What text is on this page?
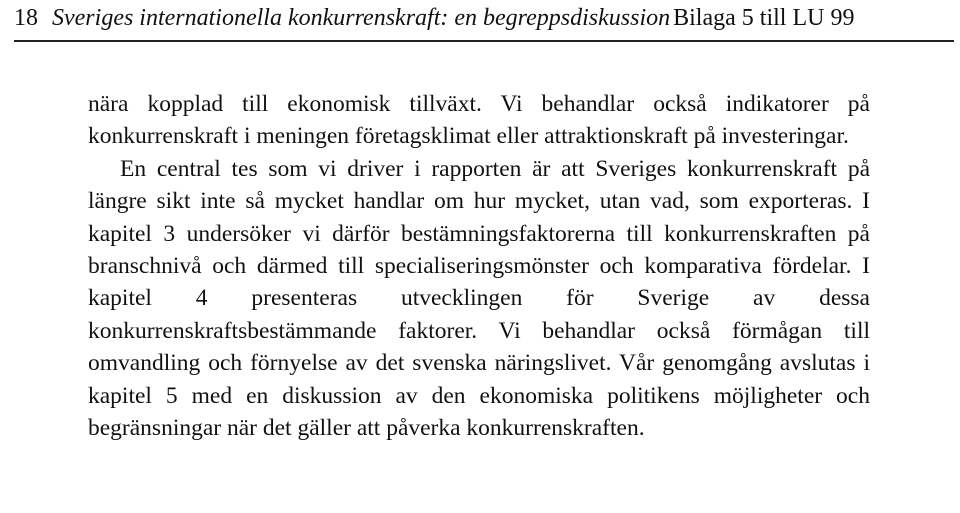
18 Sveriges internationella konkurrenskraft: en begreppsdiskussion Bilaga 5 till LU 99

nära kopplad till ekonomisk tillväxt. Vi behandlar också indikatorer på konkurrenskraft i meningen företagsklimat eller attraktionskraft på investeringar.

En central tes som vi driver i rapporten är att Sveriges konkurrenskraft på längre sikt inte så mycket handlar om hur mycket, utan vad, som exporteras. I kapitel 3 undersöker vi därför bestämningsfaktorerna till konkurrenskraften på branschnivå och därmed till specialiseringsmönster och komparativa fördelar. I kapitel 4 presenteras utvecklingen för Sverige av dessa konkurrenskraftsbestämmande faktorer. Vi behandlar också förmågan till omvandling och förnyelse av det svenska näringslivet. Vår genomgång avslutas i kapitel 5 med en diskussion av den ekonomiska politikens möjligheter och begränsningar när det gäller att påverka konkurrenskraften.
